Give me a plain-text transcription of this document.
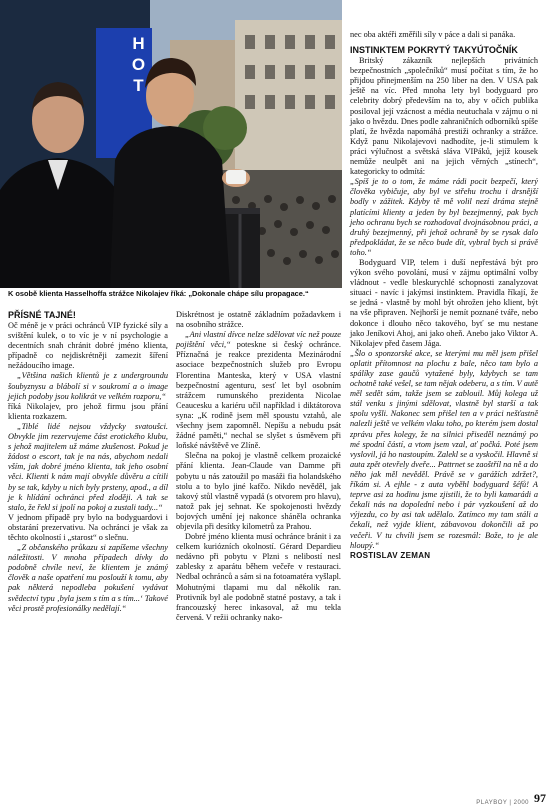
HOT
K osobě klienta Hasselhoffa strážce Nikolajev říká: „Dokonale chápe sílu propagace.“

PŘÍSNÉ TAJNÉ!

Oč méně je v práci ochránců VIP fyzické síly a svištění kulek, o to víc je v ní psychologie a decentních snah chránit dobré jméno klienta, případně co nejdiskrétněji zamezit šíření nežádoucího image.

„Většina našich klientů je z undergroundu šoubyznysu a blábolí si v soukromí a o image jejich podoby jsou kolikrát ve velkém rozporu,“

říká Nikolajev, pro jehož firmu jsou přání klienta rozkazem.

„Tiblé lidé nejsou vždycky svatoušci. Obvykle jim rezervujeme část erotického klubu, s jehož majitelem už máme zkušenost. Pokud je žádost o escort, tak je na nás, abychom nedali vším, jak dobré jméno klienta, tak jeho osobní věci. Klienti k nám mají obvykle důvěru a cítili by se tak, kdyby u nich byly prsteny, apod., a díl je k hlídání ochránci před zloději. A tak se stalo, že řekl si jpolí na pokoj a zustali tady...“

V jednom případě pry bylo na bodyguardovi i obstarání prezervativu. Na ochránci je však za těchto okolností i „starost“ o slečnu.

„Z občanského průkazu si zapíšeme všechny náležitosti. V mnoha případech dívky do podobně chvíle neví, že klientem je známý člověk a naše opatření mu poslouží k tomu, aby pak některá nepodleba pokušení vydávat svědectví typu ‚byla jsem s tím a s tím...‘ Takové věci prostě profesionálky nedělají.“

Diskrétnost je ostatně základním požadavkem i na osobního strážce.

„Ani vlastní dívce nelze sdělovat víc než pouze pojištění věci,“ poteskne si český ochránce. Příznačná je reakce prezidenta Mezinárodní asociace bezpečnostních služeb pro Evropu Florentina Manteska, který v USA vlastní bezpečnostní agenturu, sesť let byl osobním strážcem rumunského prezidenta Nicolae Ceaucesku a kariéru učil například i diktátorova syna: „K rodině jsem měl spoustu vztahů, ale všechny jsem zapomněl. Nepíšu a nebudu psát žádné paměti,“ nechal se slyšet s úsměvem při loňské návštěvě ve Zlíně.

Slečna na pokoj je vlastně celkem prozaické přání klienta. Jean-Claude van Damme při pobytu u nás zatoužil po masáži fia holandského stolu a to bylo jiné kafčo. Nikdo nevěděl, jak takový stůl vlastně vypadá (s otvorem pro hlavu), natož pak jej sehnat. Ke spokojenosti hvězdy bojových umění jej nakonce sháněla ochranka objevila při desítky kilometrů za Prahou.

Dobré jméno klienta musí ochránce bránit i za celkem kuriózních okolností. Gérard Depardieu nedávno při pobytu v Plzni s nelibostí nesl zablesky z aparátu během večeře v restauraci. Nedbal ochránců a sám si na fotoamatéra vyšlapl. Mohutnými tlapami mu dal několik ran. Protivník byl ale podobně statné postavy, a tak i francouzský herec inkasoval, až mu tekla červená. V režii ochranky nako-

nec oba aktéři změřili síly v páce a dali si panáka.

INSTINKTEM POKRYTÝ TAKYÚTOČNÍK

Britský zákazník nejlepších privátních bezpečnostních „společníků“ musí počítat s tím, že ho přijdou přinejmenším na 250 liber na den. V USA pak ještě na víc. Před mnoha lety byl bodyguard pro celebrity dobrý především na to, aby v očích publika posiloval její vzácnost a média neutuchala v zájmu o ni jako o hvězdu. Dnes podle zahraničních odborníků spíše platí, že hvězda napomáhá prestiži ochranky a strážce. Když panu Nikolajevovi nadhodíte, je-li stimulem k práci výlučnost a světská sláva VIPáků, jejíž kousek nemůže neulpět ani na jejich věrných „stínech“, kategoricky to odmítá:

„Spíš je to o tom, že máme rádi pocit bezpečí, který člověka vybičuje, aby byl ve střehu trochu i drsnější bodly v zážitek. Kdyby tě mě volil nezí dráma stejně platícími klienty a jeden by byl bezejmenný, pak bych jeho ochranu bych se rozhodoval dvojnásobnou práci, a druhý bezejmenný, při jehož ochraně by se rysak dalo předpokládat, že se něco bude dít, vybral bych si právě toho.“

Bodyguard VIP, telem i duší nepřestává být pro výkon svého povolání, musí v zájmu optimální volby vládnout - vedle bleskurychlé schopnosti zanalyzovat situaci - navíc i jakýmsi instinktem. Pravidla říkají, že se jedná - vlastně by mohl být ohrožen jeho klient, být na vše připraven. Nejhorší je nemít poznané tváře, nebo dokonce i dlouho něco takového, byť se mu nestane jako Jeníkovi Ahoj, ani jako oheň. Anebo jako Viktor A. Nikolajev před časem Jága.

„Šlo o sponzorské akce, se kterými mu měl jsem přišel oplatit přítomnost na plochu z bale, něco tam bylo a spálíky zase gaučů vytažené byly, kdybych se tam ochotně také vešel, se tam nějak odeberu, a s tím. V autě měl sedět sám, takže jsem se zablouil. Můj kolega už stál venku s jinými sdělovat, vlastně byl starší a tak spolu vyšli. Nakonec sem přišel ten a v práci nešťastně nalezli ještě ve velkém vlaku toho, po kterém jsem dostal zprávu přes kolegy, že na silnici přiseděl neznámý po mé spodní částí, a vtom jsem vzal, ať počká. Poté jsem vyslovil, já ho nastoupím. Zalekl se a vyskočil. Hlavně si auta zpět otevřely dveře... Pattrnet se zaoštříl na ně a do něho jak měl nevěděl. Právě se v garážích zdržet?, říkám si. A ejhle - z auta vyběhl bodyguard šéfů! A teprve asi za hodinu jsme zjistili, že to byli kamarádi a čekali nás na dopolední nebo i pár vyzkoušení až do výjezdu, co by asi tak udělalo. Zatímco my tam stáli a čekali, než vyjde klient, zábavovou dokončili až po večeři. V tu chvíli jsem se rozesmál: Bože, to je ale hloupý.“

ROSTISLAV ZEMAN

PLAYBOY | 2000 97
